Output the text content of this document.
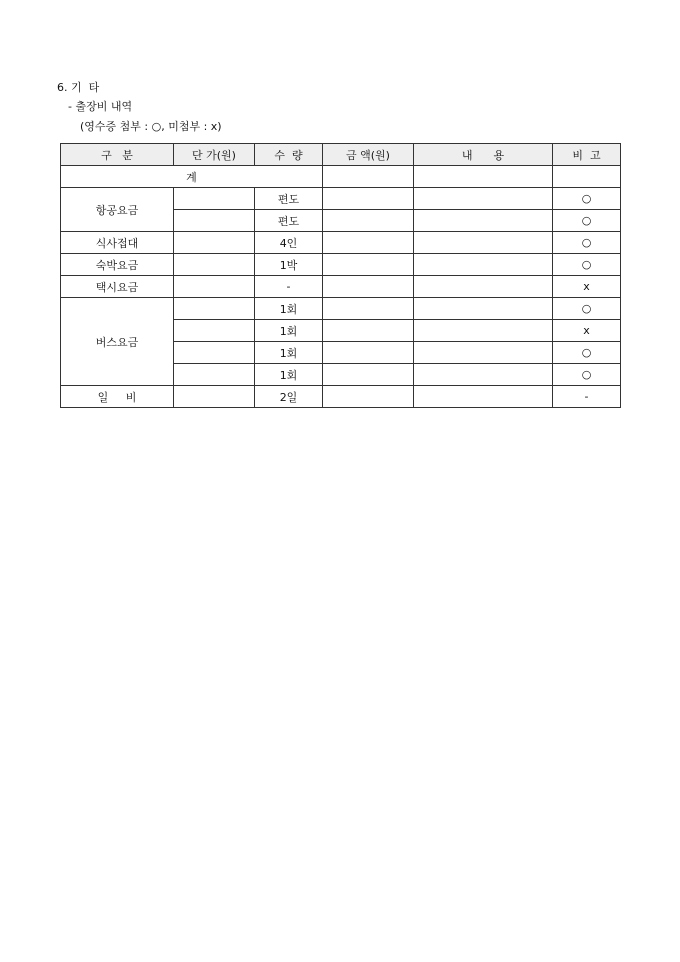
6. 기  타
- 출장비 내역
(영수증 첨부 : ○, 미첨부 : x)
구   분	단 가(원)	수  량	금 액(원)	내      용	비  고
계					
항공요금		편도			○
		편도			○
식사접대		4인			○
숙박요금		1박			○
택시요금		-			x
버스요금		1회			○
		1회			x
		1회			○
		1회			○
일     비		2일			-
